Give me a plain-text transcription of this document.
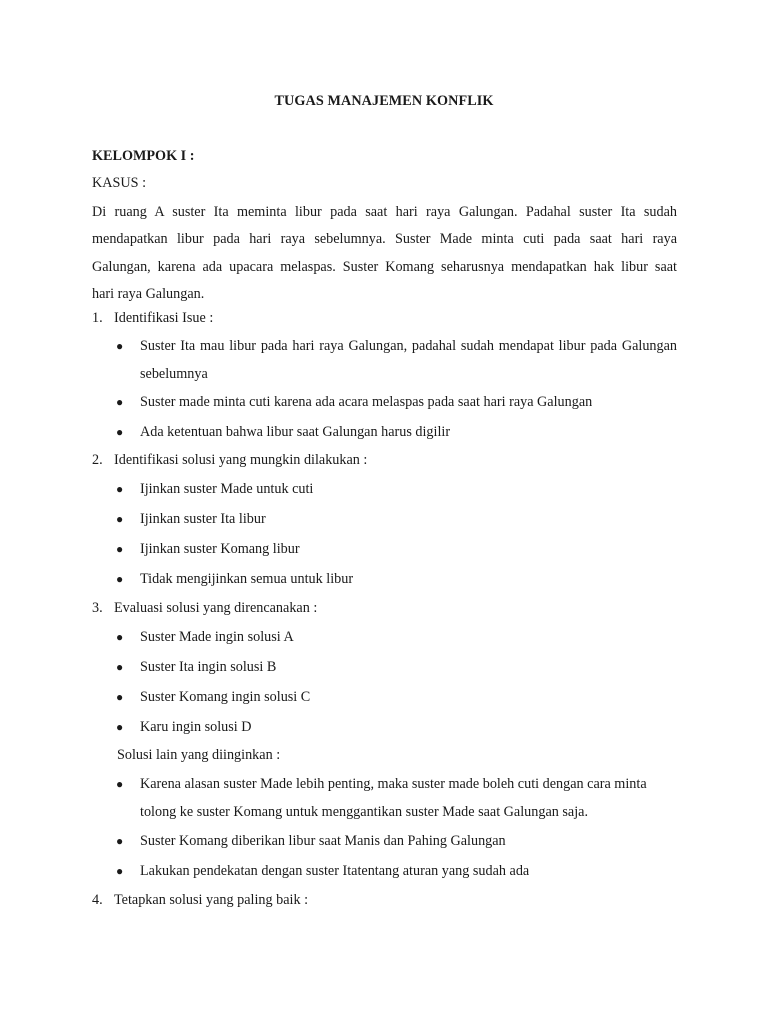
TUGAS MANAJEMEN KONFLIK
KELOMPOK I :
KASUS :
Di ruang A suster Ita meminta libur pada saat hari raya Galungan. Padahal suster Ita sudah
mendapatkan libur pada hari raya sebelumnya. Suster Made minta cuti pada saat hari raya
Galungan, karena ada upacara melaspas. Suster Komang seharusnya mendapatkan hak libur saat
hari raya Galungan.
1. Identifikasi Isue :
● Suster Ita mau libur pada hari raya Galungan, padahal sudah mendapat libur pada Galungan sebelumnya
● Suster made minta cuti karena ada acara melaspas pada saat hari raya Galungan
● Ada ketentuan bahwa libur saat Galungan harus digilir
2. Identifikasi solusi yang mungkin dilakukan :
● Ijinkan suster Made untuk cuti
● Ijinkan suster Ita libur
● Ijinkan suster Komang libur
● Tidak mengijinkan semua untuk libur
3. Evaluasi solusi yang direncanakan :
● Suster Made ingin solusi A
● Suster Ita ingin solusi B
● Suster Komang ingin solusi C
● Karu ingin solusi D
Solusi lain yang diinginkan :
● Karena alasan suster Made lebih penting, maka suster made boleh cuti dengan cara minta tolong ke suster Komang untuk menggantikan suster Made saat Galungan saja.
● Suster Komang diberikan libur saat Manis dan Pahing Galungan
● Lakukan pendekatan dengan suster Itatentang aturan yang sudah ada
4. Tetapkan solusi yang paling baik :
